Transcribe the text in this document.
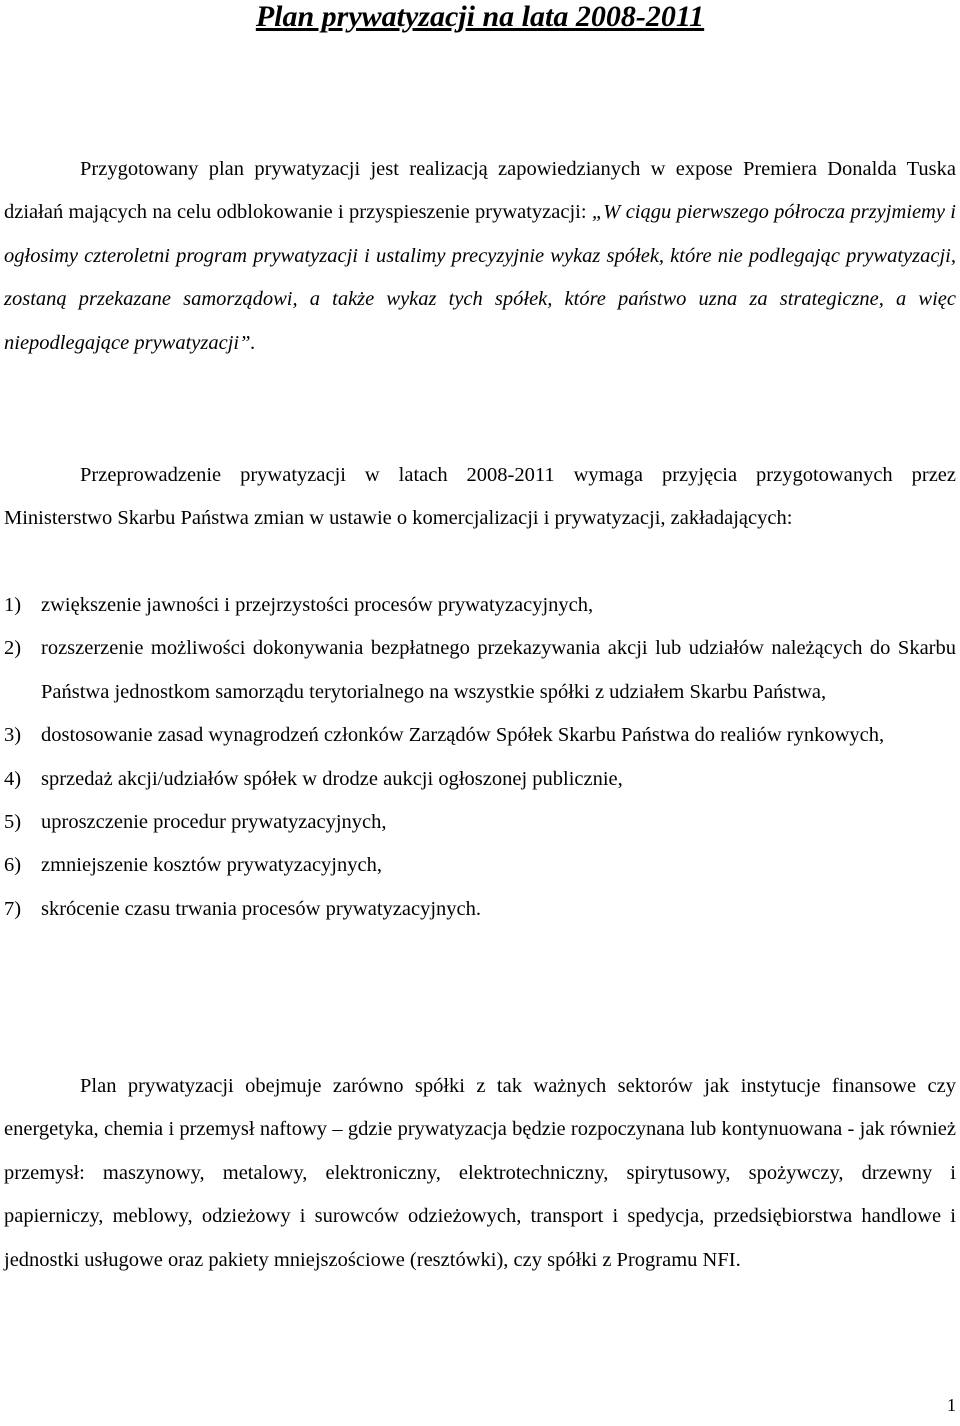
Plan prywatyzacji na lata 2008-2011

Przygotowany plan prywatyzacji jest realizacją zapowiedzianych w expose Premiera Donalda Tuska działań mających na celu odblokowanie i przyspieszenie prywatyzacji: „W ciągu pierwszego półrocza przyjmiemy i ogłosimy czteroletni program prywatyzacji i ustalimy precyzyjnie wykaz spółek, które nie podlegając prywatyzacji, zostaną przekazane samorządowi, a także wykaz tych spółek, które państwo uzna za strategiczne, a więc niepodlegające prywatyzacji”.

Przeprowadzenie prywatyzacji w latach 2008-2011 wymaga przyjęcia przygotowanych przez Ministerstwo Skarbu Państwa zmian w ustawie o komercjalizacji i prywatyzacji, zakładających:

1) zwiększenie jawności i przejrzystości procesów prywatyzacyjnych,
2) rozszerzenie możliwości dokonywania bezpłatnego przekazywania akcji lub udziałów należących do Skarbu Państwa jednostkom samorządu terytorialnego na wszystkie spółki z udziałem Skarbu Państwa,
3) dostosowanie zasad wynagrodzeń członków Zarządów Spółek Skarbu Państwa do realiów rynkowych,
4) sprzedaż akcji/udziałów spółek w drodze aukcji ogłoszonej publicznie,
5) uproszczenie procedur prywatyzacyjnych,
6) zmniejszenie kosztów prywatyzacyjnych,
7) skrócenie czasu trwania procesów prywatyzacyjnych.

Plan prywatyzacji obejmuje zarówno spółki z tak ważnych sektorów jak instytucje finansowe czy energetyka, chemia i przemysł naftowy – gdzie prywatyzacja będzie rozpoczynana lub kontynuowana - jak również przemysł: maszynowy, metalowy, elektroniczny, elektrotechniczny, spirytusowy, spożywczy, drzewny i papierniczy, meblowy, odzieżowy i surowców odzieżowych, transport i spedycja, przedsiębiorstwa handlowe i jednostki usługowe oraz pakiety mniejszościowe (resztówki), czy spółki z Programu NFI.

1
